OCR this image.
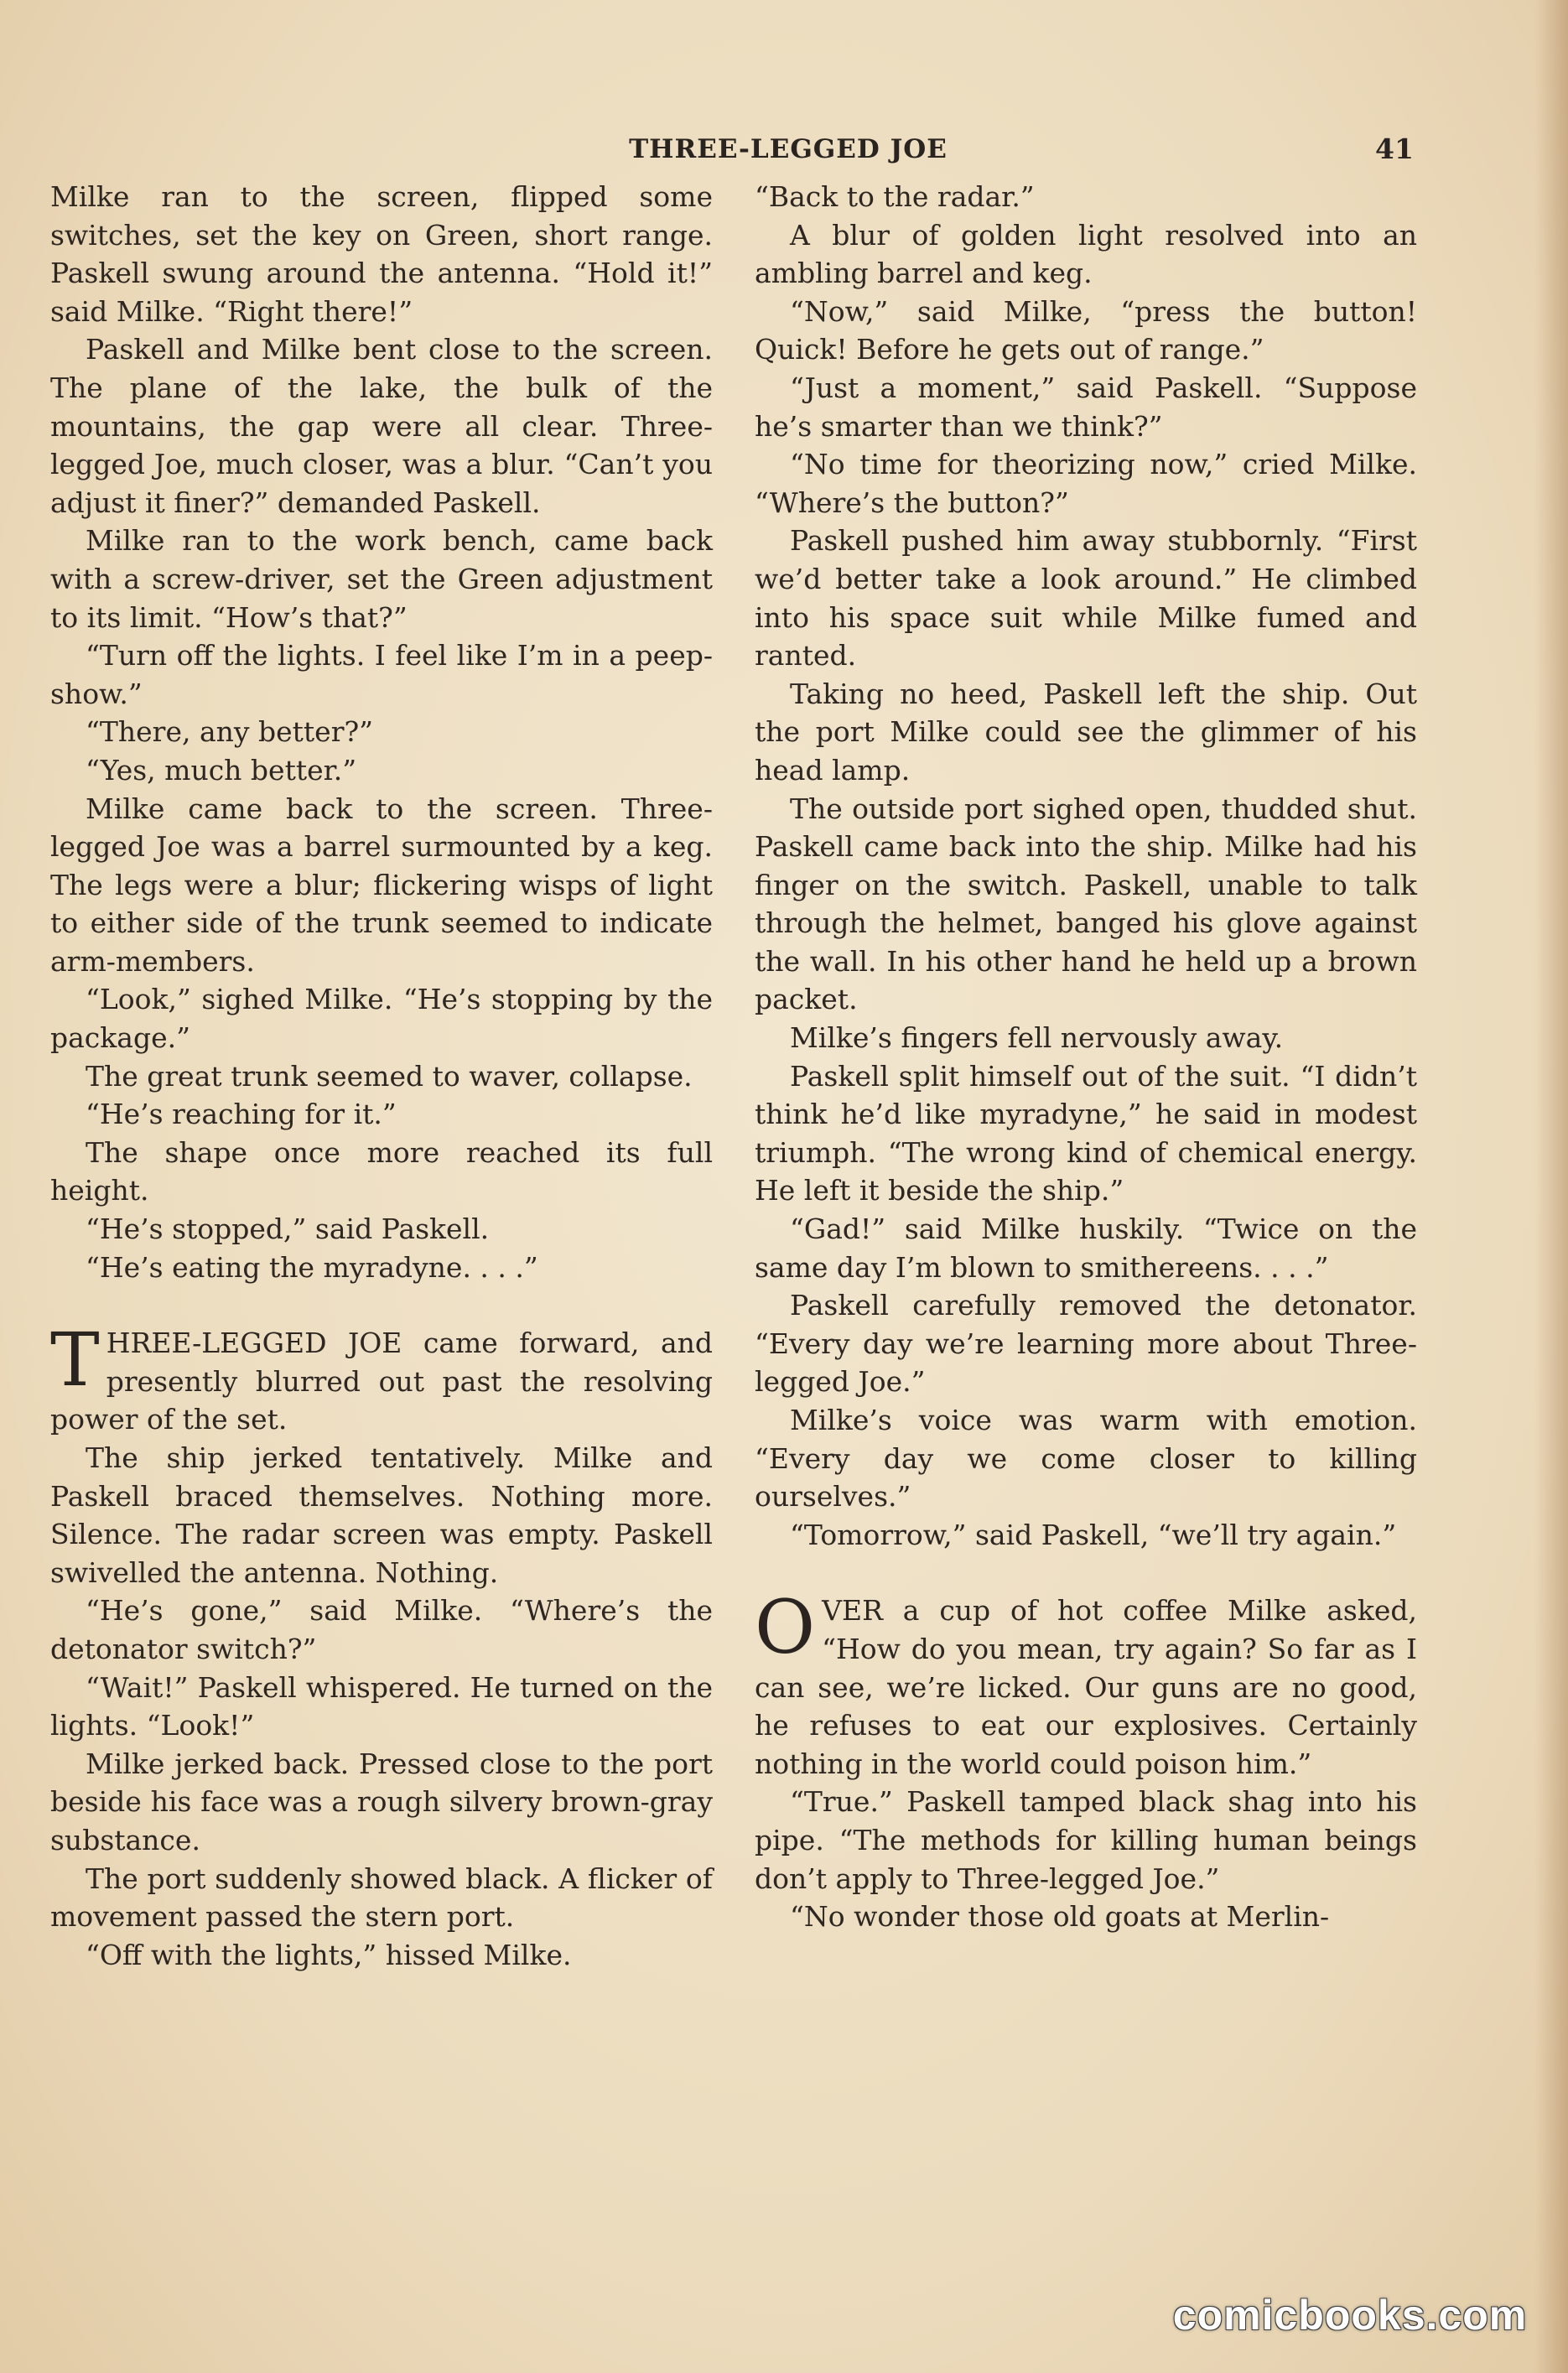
THREE-LEGGED JOE	41

Milke ran to the screen, flipped some switches, set the key on Green, short range. Paskell swung around the antenna. “Hold it!” said Milke. “Right there!”

Paskell and Milke bent close to the screen. The plane of the lake, the bulk of the mountains, the gap were all clear. Three-legged Joe, much closer, was a blur. “Can’t you adjust it finer?” demanded Paskell.

Milke ran to the work bench, came back with a screw-driver, set the Green adjustment to its limit. “How’s that?”

“Turn off the lights. I feel like I’m in a peep-show.”

“There, any better?”

“Yes, much better.”

Milke came back to the screen. Three-legged Joe was a barrel surmounted by a keg. The legs were a blur; flickering wisps of light to either side of the trunk seemed to indicate arm-members.

“Look,” sighed Milke. “He’s stopping by the package.”

The great trunk seemed to waver, collapse.

“He’s reaching for it.”

The shape once more reached its full height.

“He’s stopped,” said Paskell.

“He’s eating the myradyne. . . .”

THREE-LEGGED JOE came forward, and presently blurred out past the resolving power of the set.

The ship jerked tentatively. Milke and Paskell braced themselves. Nothing more. Silence. The radar screen was empty. Paskell swivelled the antenna. Nothing.

“He’s gone,” said Milke. “Where’s the detonator switch?”

“Wait!” Paskell whispered. He turned on the lights. “Look!”

Milke jerked back. Pressed close to the port beside his face was a rough silvery brown-gray substance.

The port suddenly showed black. A flicker of movement passed the stern port.

“Off with the lights,” hissed Milke.

“Back to the radar.”

A blur of golden light resolved into an ambling barrel and keg.

“Now,” said Milke, “press the button! Quick! Before he gets out of range.”

“Just a moment,” said Paskell. “Suppose he’s smarter than we think?”

“No time for theorizing now,” cried Milke. “Where’s the button?”

Paskell pushed him away stubbornly. “First we’d better take a look around.” He climbed into his space suit while Milke fumed and ranted.

Taking no heed, Paskell left the ship. Out the port Milke could see the glimmer of his head lamp.

The outside port sighed open, thudded shut. Paskell came back into the ship. Milke had his finger on the switch. Paskell, unable to talk through the helmet, banged his glove against the wall. In his other hand he held up a brown packet.

Milke’s fingers fell nervously away.

Paskell split himself out of the suit. “I didn’t think he’d like myradyne,” he said in modest triumph. “The wrong kind of chemical energy. He left it beside the ship.”

“Gad!” said Milke huskily. “Twice on the same day I’m blown to smithereens. . . .”

Paskell carefully removed the detonator. “Every day we’re learning more about Three-legged Joe.”

Milke’s voice was warm with emotion. “Every day we come closer to killing ourselves.”

“Tomorrow,” said Paskell, “we’ll try again.”

OVER a cup of hot coffee Milke asked, “How do you mean, try again? So far as I can see, we’re licked. Our guns are no good, he refuses to eat our explosives. Certainly nothing in the world could poison him.”

“True.” Paskell tamped black shag into his pipe. “The methods for killing human beings don’t apply to Three-legged Joe.”

“No wonder those old goats at Merlin-

comicbooks.com
